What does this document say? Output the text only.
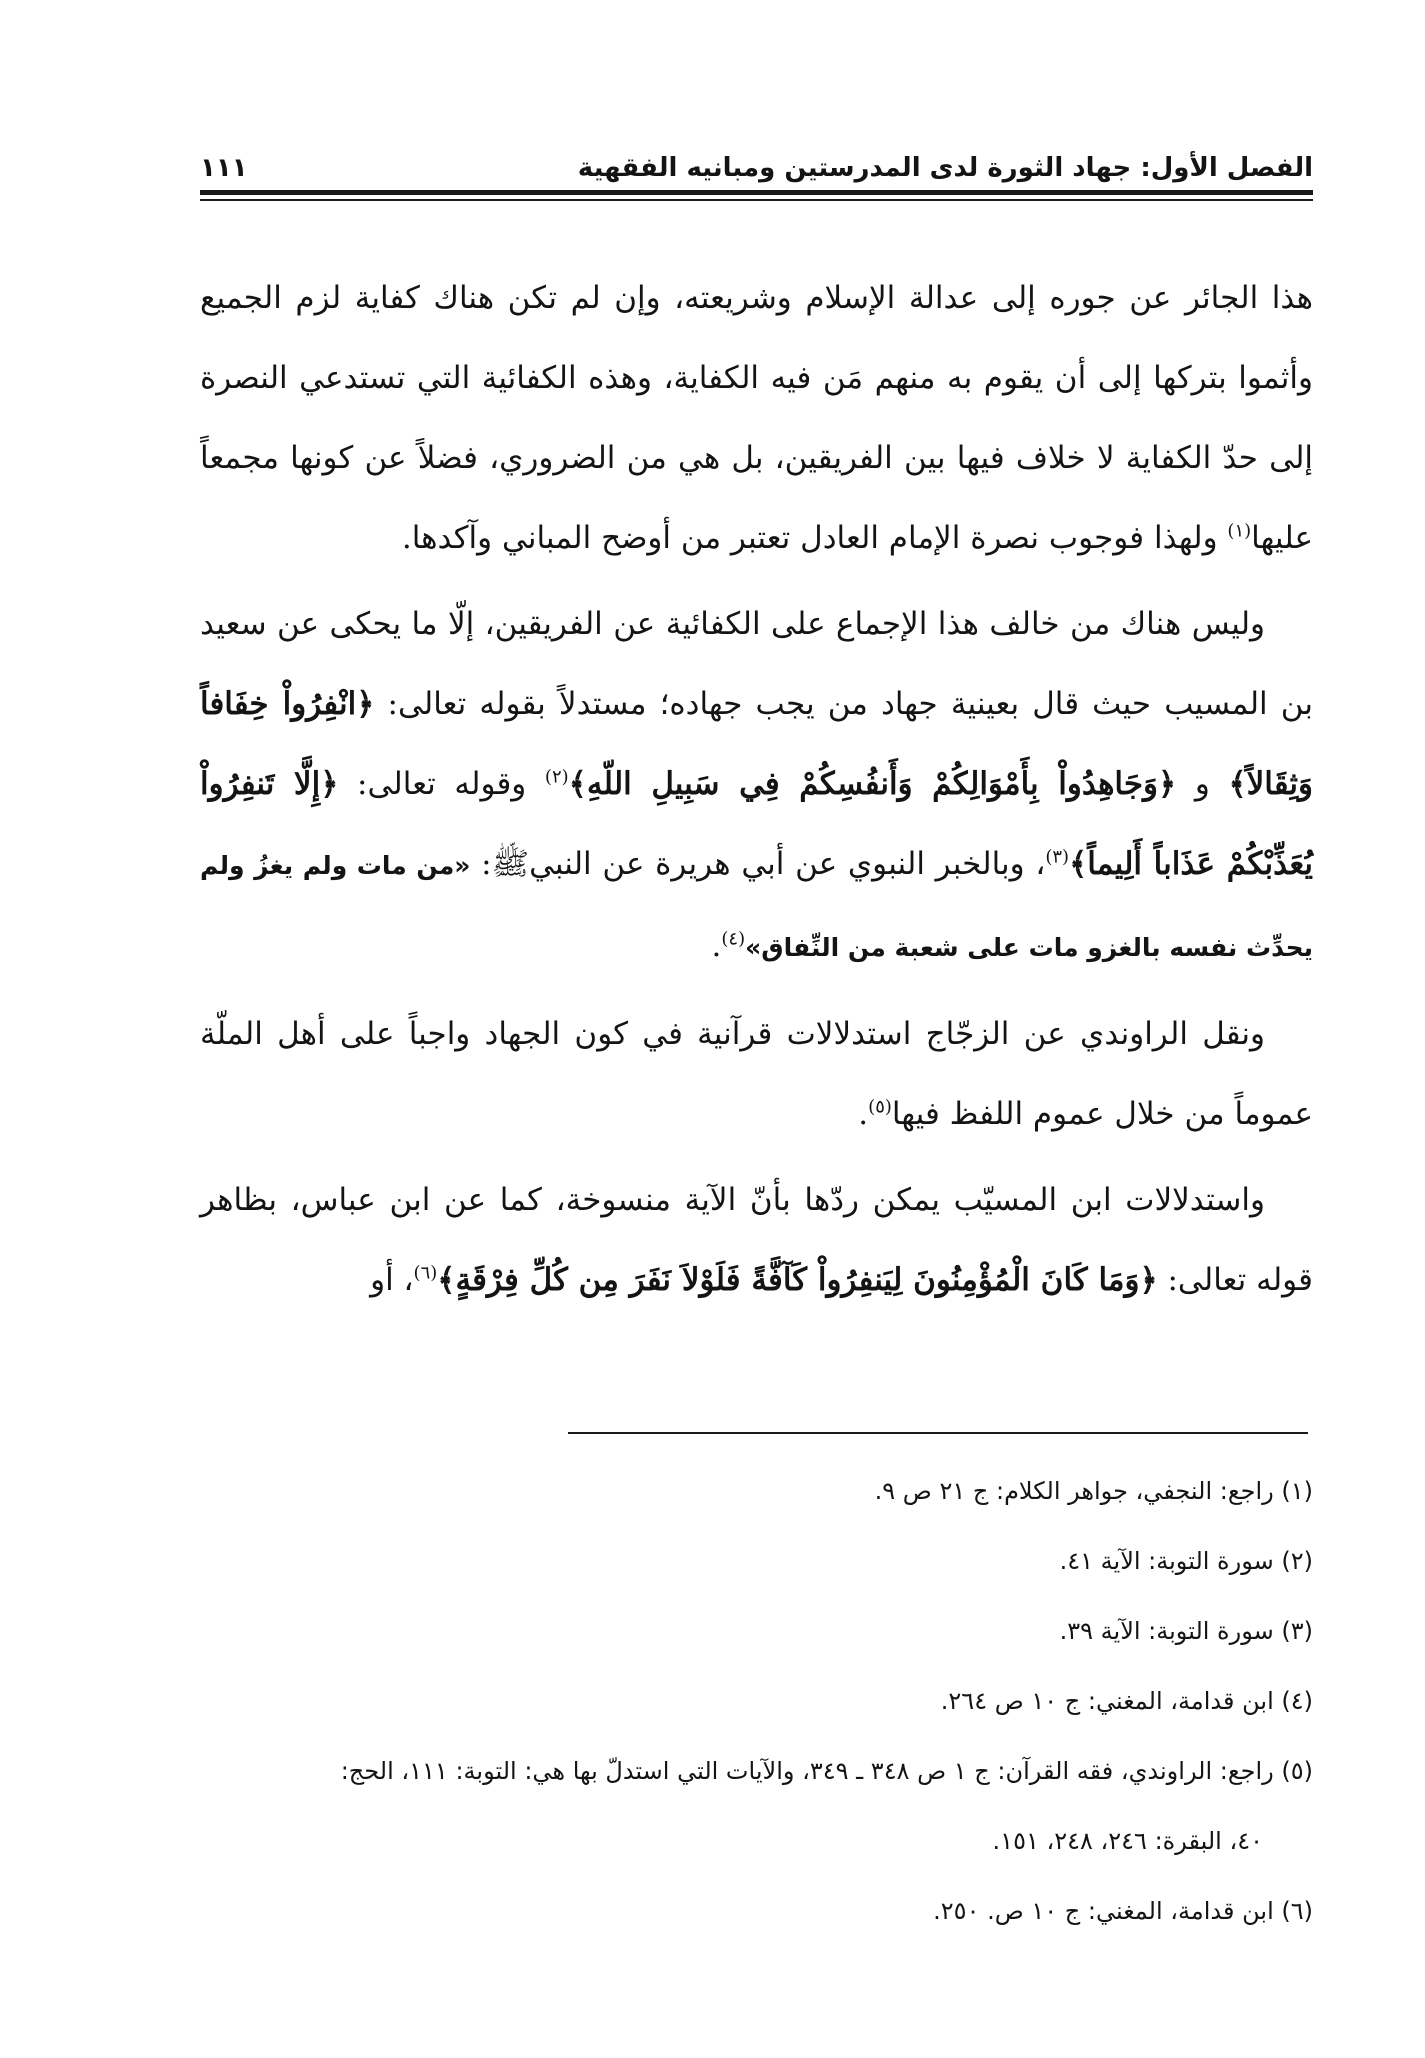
الفصل الأول: جهاد الثورة لدى المدرستين ومبانيه الفقهية
١١١

هذا الجائر عن جوره إلى عدالة الإسلام وشريعته، وإن لم تكن هناك كفاية لزم الجميع وأثموا بتركها إلى أن يقوم به منهم مَن فيه الكفاية، وهذه الكفائية التي تستدعي النصرة إلى حدّ الكفاية لا خلاف فيها بين الفريقين، بل هي من الضروري، فضلاً عن كونها مجمعاً عليها$^{(١)}$ ولهذا فوجوب نصرة الإمام العادل تعتبر من أوضح المباني وآكدها.

وليس هناك من خالف هذا الإجماع على الكفائية عن الفريقين، إلّا ما يحكى عن سعيد بن المسيب حيث قال بعينية جهاد من يجب جهاده؛ مستدلاً بقوله تعالى: ﴿انْفِرُواْ خِفَافاً وَثِقَالاً﴾ و ﴿وَجَاهِدُواْ بِأَمْوَالِكُمْ وَأَنفُسِكُمْ فِي سَبِيلِ اللّهِ﴾$^{(٢)}$ وقوله تعالى: ﴿إِلَّا تَنفِرُواْ يُعَذِّبْكُمْ عَذَاباً أَلِيماً﴾$^{(٣)}$، وبالخبر النبوي عن أبي هريرة عن النبيﷺ: «من مات ولم يغزُ ولم يحدِّث نفسه بالغزو مات على شعبة من النِّفاق»$^{(٤)}$.

ونقل الراوندي عن الزجّاج استدلالات قرآنية في كون الجهاد واجباً على أهل الملّة عموماً من خلال عموم اللفظ فيها$^{(٥)}$.

واستدلالات ابن المسيّب يمكن ردّها بأنّ الآية منسوخة، كما عن ابن عباس، بظاهر قوله تعالى: ﴿وَمَا كَانَ الْمُؤْمِنُونَ لِيَنفِرُواْ كَآفَّةً فَلَوْلاَ نَفَرَ مِن كُلِّ فِرْقَةٍ﴾$^{(٦)}$، أو

(١) راجع: النجفي، جواهر الكلام: ج ٢١ ص ٩.

(٢) سورة التوبة: الآية ٤١.

(٣) سورة التوبة: الآية ٣٩.

(٤) ابن قدامة، المغني: ج ١٠ ص ٢٦٤.

(٥) راجع: الراوندي، فقه القرآن: ج ١ ص ٣٤٨ ـ ٣٤٩، والآيات التي استدلّ بها هي: التوبة: ١١١، الحج:

٤٠، البقرة: ٢٤٦، ٢٤٨، ١٥١.

(٦) ابن قدامة، المغني: ج ١٠ ص. ٢٥٠.
